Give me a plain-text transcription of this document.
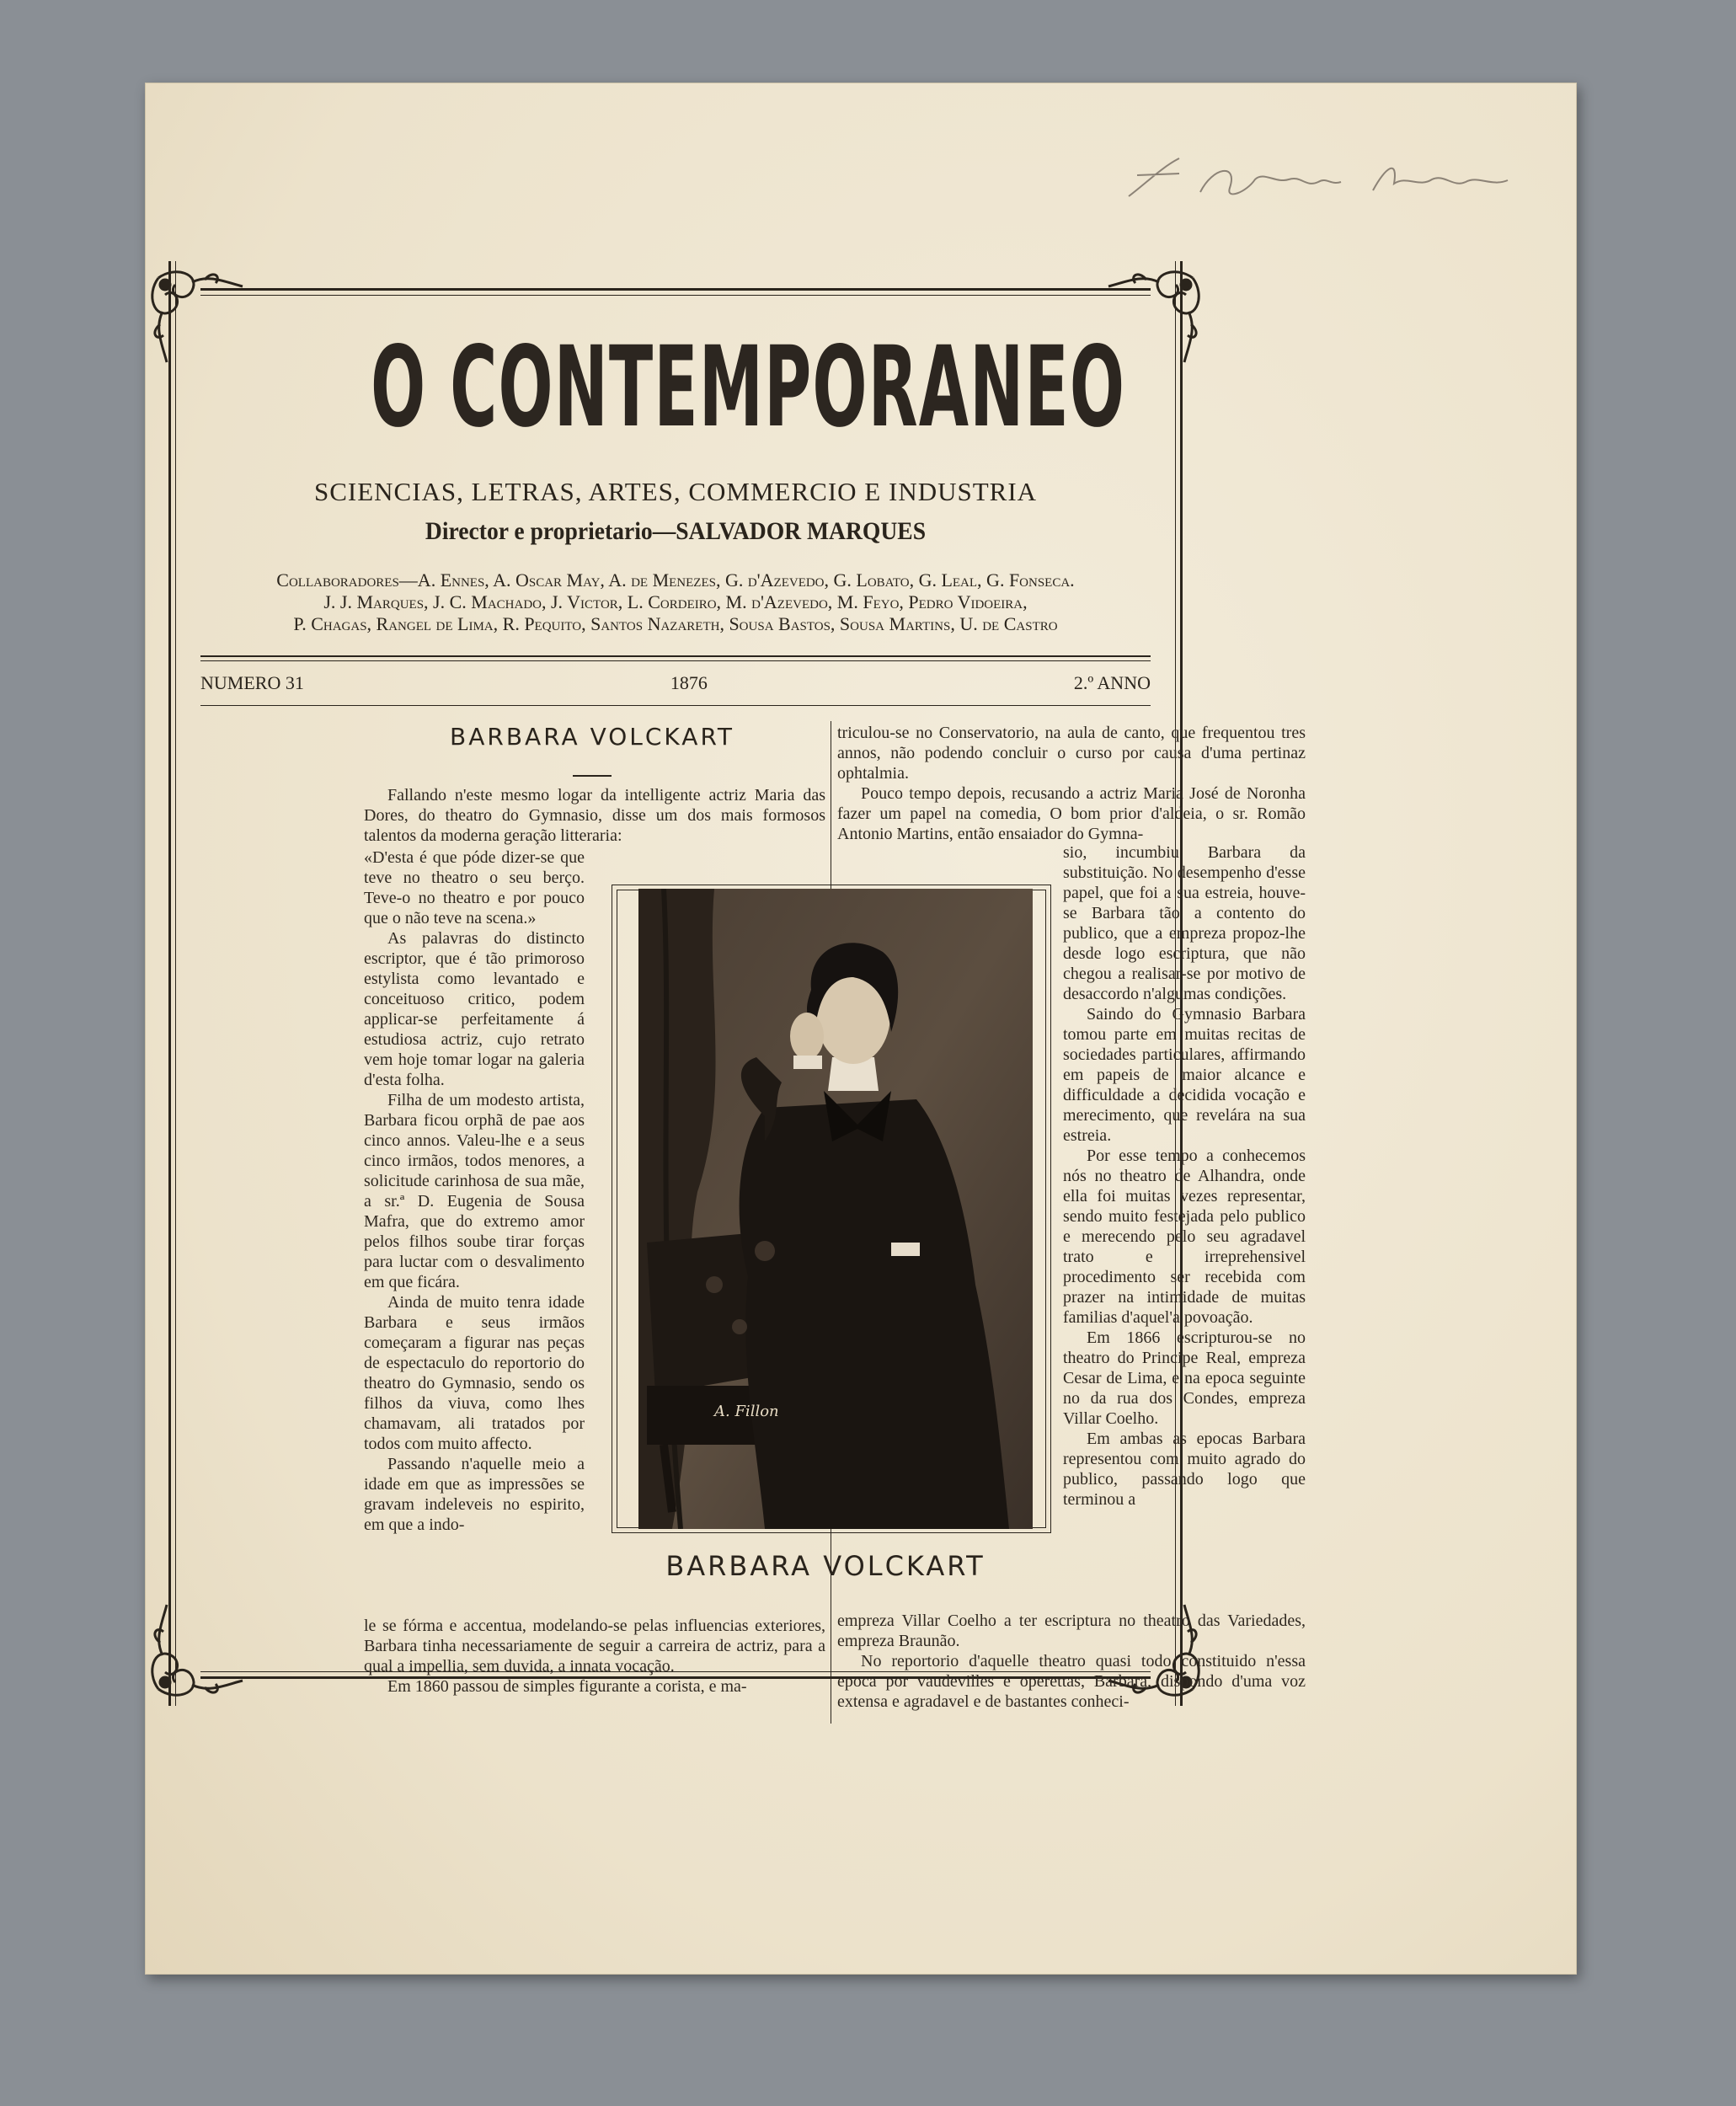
O CONTEMPORANEO
SCIENCIAS, LETRAS, ARTES, COMMERCIO E INDUSTRIA
Director e proprietario—SALVADOR MARQUES
Collaboradores—A. Ennes, A. Oscar May, A. de Menezes, G. d'Azevedo, G. Lobato, G. Leal, G. Fonseca.
J. J. Marques, J. C. Machado, J. Victor, L. Cordeiro, M. d'Azevedo, M. Feyo, Pedro Vidoeira,
P. Chagas, Rangel de Lima, R. Pequito, Santos Nazareth, Sousa Bastos, Sousa Martins, U. de Castro
NUMERO 31	1876	2.º ANNO
BARBARA VOLCKART

Fallando n'este mesmo logar da intelligente actriz Maria das Dores, do theatro do Gymnasio, disse um dos mais formosos talentos da moderna geração litteraria:

«D'esta é que póde dizer-se que teve no theatro o seu berço. Teve-o no theatro e por pouco que o não teve na scena.»

As palavras do distincto escriptor, que é tão primoroso estylista como levantado e conceituoso critico, podem applicar-se perfeitamente á estudiosa actriz, cujo retrato vem hoje tomar logar na galeria d'esta folha.

Filha de um modesto artista, Barbara ficou orphã de pae aos cinco annos. Valeu-lhe e a seus cinco irmãos, todos menores, a solicitude carinhosa de sua mãe, a sr.ª D. Eugenia de Sousa Mafra, que do extremo amor pelos filhos soube tirar forças para luctar com o desvalimento em que ficára.

Ainda de muito tenra idade Barbara e seus irmãos começaram a figurar nas peças de espectaculo do reportorio do theatro do Gymnasio, sendo os filhos da viuva, como lhes chamavam, ali tratados por todos com muito affecto.

Passando n'aquelle meio a idade em que as impressões se gravam indeleveis no espirito, em que a indo-

le se fórma e accentua, modelando-se pelas influencias exteriores, Barbara tinha necessariamente de seguir a carreira de actriz, para a qual a impellia, sem duvida, a innata vocação.

Em 1860 passou de simples figurante a corista, e ma-

triculou-se no Conservatorio, na aula de canto, que frequentou tres annos, não podendo concluir o curso por causa d'uma pertinaz ophtalmia.

Pouco tempo depois, recusando a actriz Maria José de Noronha fazer um papel na comedia, O bom prior d'aldeia, o sr. Romão Antonio Martins, então ensaiador do Gymna-

sio, incumbiu Barbara da substituição. No desempenho d'esse papel, que foi a sua estreia, houve-se Barbara tão a contento do publico, que a empreza propoz-lhe desde logo escriptura, que não chegou a realisar-se por motivo de desaccordo n'algumas condições.

Saindo do Gymnasio Barbara tomou parte em muitas recitas de sociedades particulares, affirmando em papeis de maior alcance e difficuldade a decidida vocação e merecimento, que revelára na sua estreia.

Por esse tempo a conhecemos nós no theatro de Alhandra, onde ella foi muitas vezes representar, sendo muito festejada pelo publico e merecendo pelo seu agradavel trato e irreprehensivel procedimento ser recebida com prazer na intimidade de muitas familias d'aquel'a povoação.

Em 1866 escripturou-se no theatro do Principe Real, empreza Cesar de Lima, e na epoca seguinte no da rua dos Condes, empreza Villar Coelho.

Em ambas as epocas Barbara representou com muito agrado do publico, passando logo que terminou a

empreza Villar Coelho a ter escriptura no theatro das Variedades, empreza Braunão.

No reportorio d'aquelle theatro quasi todo constituido n'essa epoca por vaudevilles e operettas, Barbara, dispondo d'uma voz extensa e agradavel e de bastantes conheci-

A. Fillon
BARBARA VOLCKART
